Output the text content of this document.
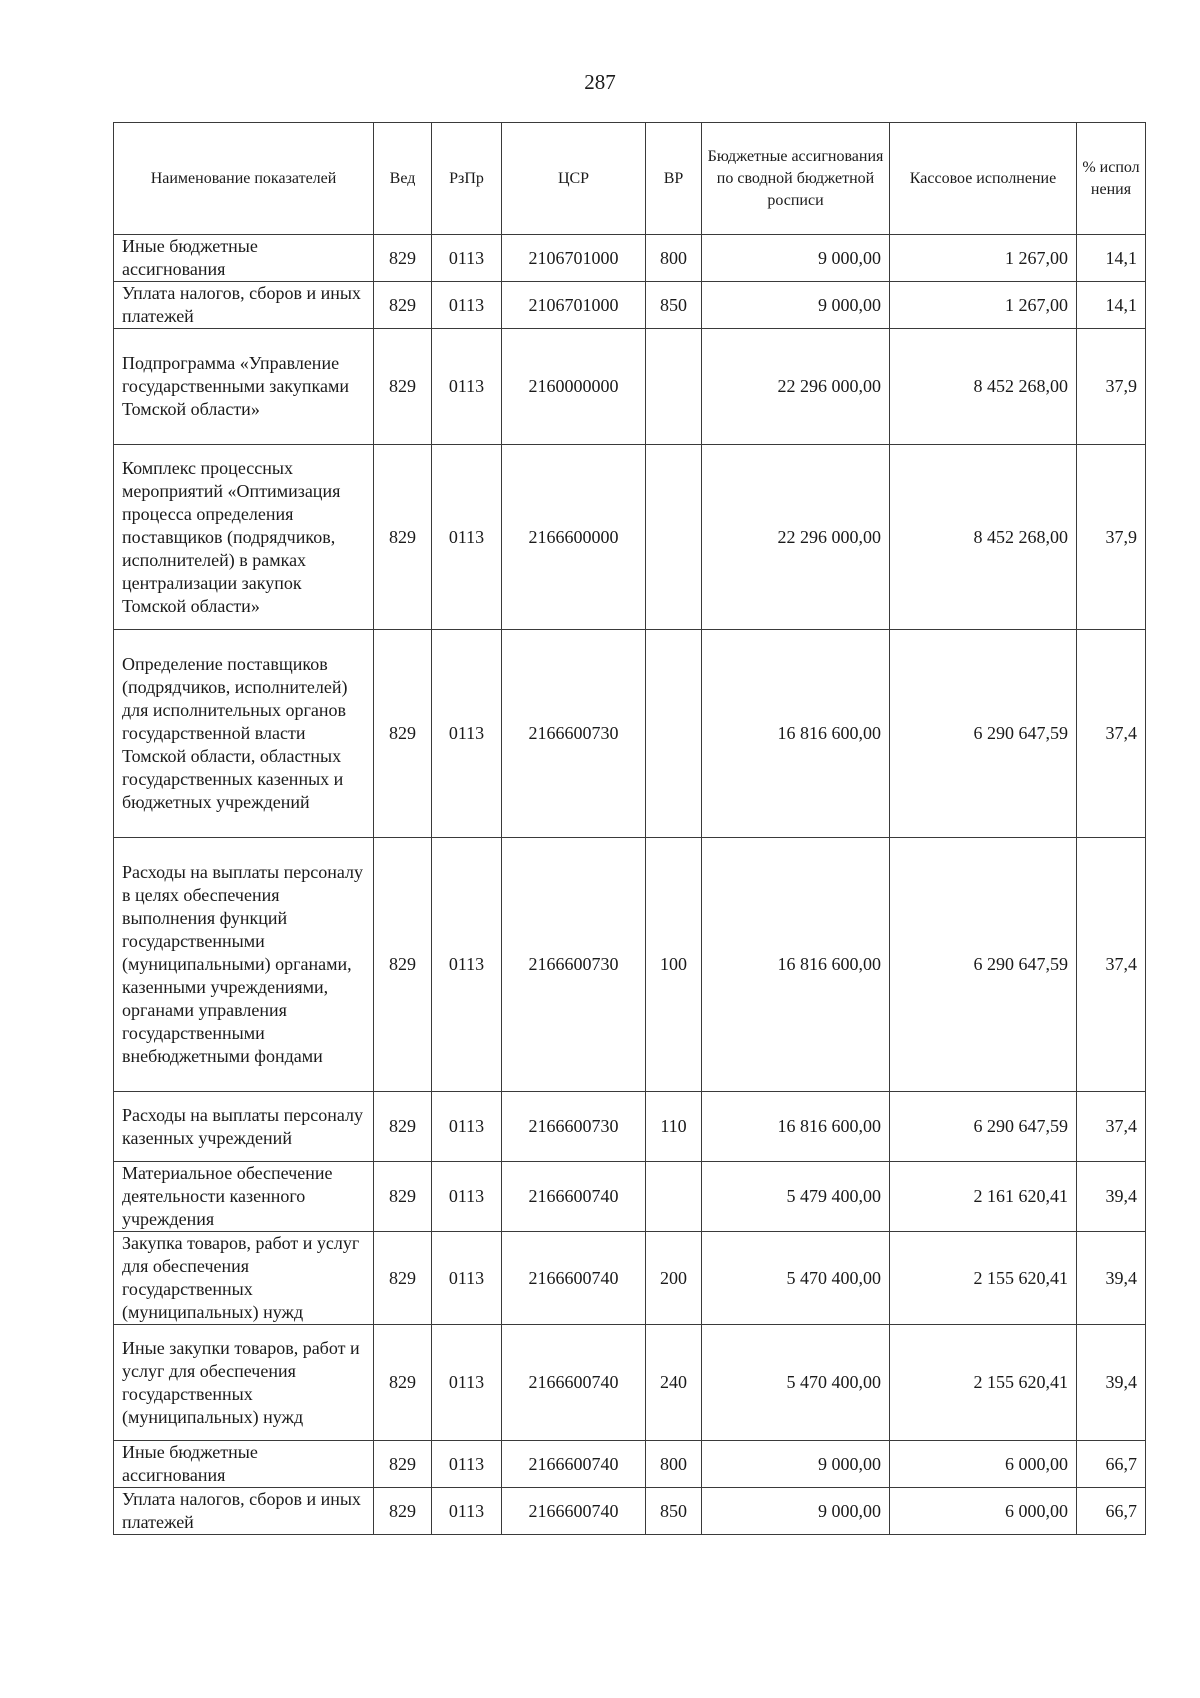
287
Наименование показателей	Вед	РзПр	ЦСР	ВР	Бюджетные ассигнования по сводной бюджетной росписи	Кассовое исполнение	% испол нения
Иные бюджетные ассигнования	829	0113	2106701000	800	9 000,00	1 267,00	14,1
Уплата налогов, сборов и иных платежей	829	0113	2106701000	850	9 000,00	1 267,00	14,1
Подпрограмма «Управление государственными закупками Томской области»	829	0113	2160000000		22 296 000,00	8 452 268,00	37,9
Комплекс процессных мероприятий «Оптимизация процесса определения поставщиков (подрядчиков, исполнителей) в рамках централизации закупок Томской области»	829	0113	2166600000		22 296 000,00	8 452 268,00	37,9
Определение поставщиков (подрядчиков, исполнителей) для исполнительных органов государственной власти Томской области, областных государственных казенных и бюджетных учреждений	829	0113	2166600730		16 816 600,00	6 290 647,59	37,4
Расходы на выплаты персоналу в целях обеспечения выполнения функций государственными (муниципальными) органами, казенными учреждениями, органами управления государственными внебюджетными фондами	829	0113	2166600730	100	16 816 600,00	6 290 647,59	37,4
Расходы на выплаты персоналу казенных учреждений	829	0113	2166600730	110	16 816 600,00	6 290 647,59	37,4
Материальное обеспечение деятельности казенного учреждения	829	0113	2166600740		5 479 400,00	2 161 620,41	39,4
Закупка товаров, работ и услуг для обеспечения государственных (муниципальных) нужд	829	0113	2166600740	200	5 470 400,00	2 155 620,41	39,4
Иные закупки товаров, работ и услуг для обеспечения государственных (муниципальных) нужд	829	0113	2166600740	240	5 470 400,00	2 155 620,41	39,4
Иные бюджетные ассигнования	829	0113	2166600740	800	9 000,00	6 000,00	66,7
Уплата налогов, сборов и иных платежей	829	0113	2166600740	850	9 000,00	6 000,00	66,7
